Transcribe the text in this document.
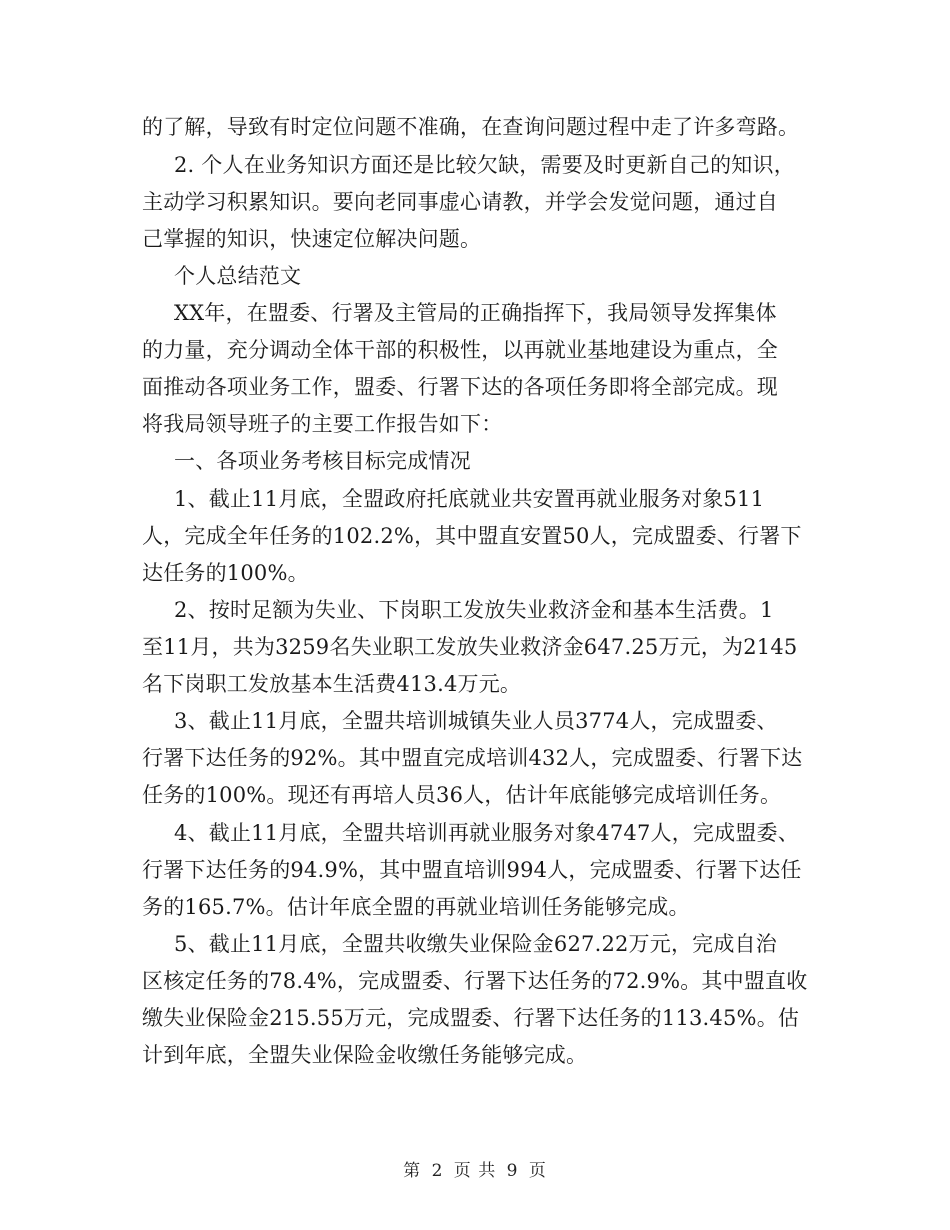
的了解，导致有时定位问题不准确，在查询问题过程中走了许多弯路。
2. 个人在业务知识方面还是比较欠缺，需要及时更新自己的知识，
主动学习积累知识。要向老同事虚心请教，并学会发觉问题，通过自
己掌握的知识，快速定位解决问题。
个人总结范文
XX年，在盟委、行署及主管局的正确指挥下，我局领导发挥集体
的力量，充分调动全体干部的积极性，以再就业基地建设为重点，全
面推动各项业务工作，盟委、行署下达的各项任务即将全部完成。现
将我局领导班子的主要工作报告如下：
一、各项业务考核目标完成情况
1、截止11月底，全盟政府托底就业共安置再就业服务对象511
人，完成全年任务的102.2%，其中盟直安置50人，完成盟委、行署下
达任务的100%。
2、按时足额为失业、下岗职工发放失业救济金和基本生活费。1
至11月，共为3259名失业职工发放失业救济金647.25万元，为2145
名下岗职工发放基本生活费413.4万元。
3、截止11月底，全盟共培训城镇失业人员3774人，完成盟委、
行署下达任务的92%。其中盟直完成培训432人，完成盟委、行署下达
任务的100%。现还有再培人员36人，估计年底能够完成培训任务。
4、截止11月底，全盟共培训再就业服务对象4747人，完成盟委、
行署下达任务的94.9%，其中盟直培训994人，完成盟委、行署下达任
务的165.7%。估计年底全盟的再就业培训任务能够完成。
5、截止11月底，全盟共收缴失业保险金627.22万元，完成自治
区核定任务的78.4%，完成盟委、行署下达任务的72.9%。其中盟直收
缴失业保险金215.55万元，完成盟委、行署下达任务的113.45%。估
计到年底，全盟失业保险金收缴任务能够完成。
第 2 页 共 9 页
